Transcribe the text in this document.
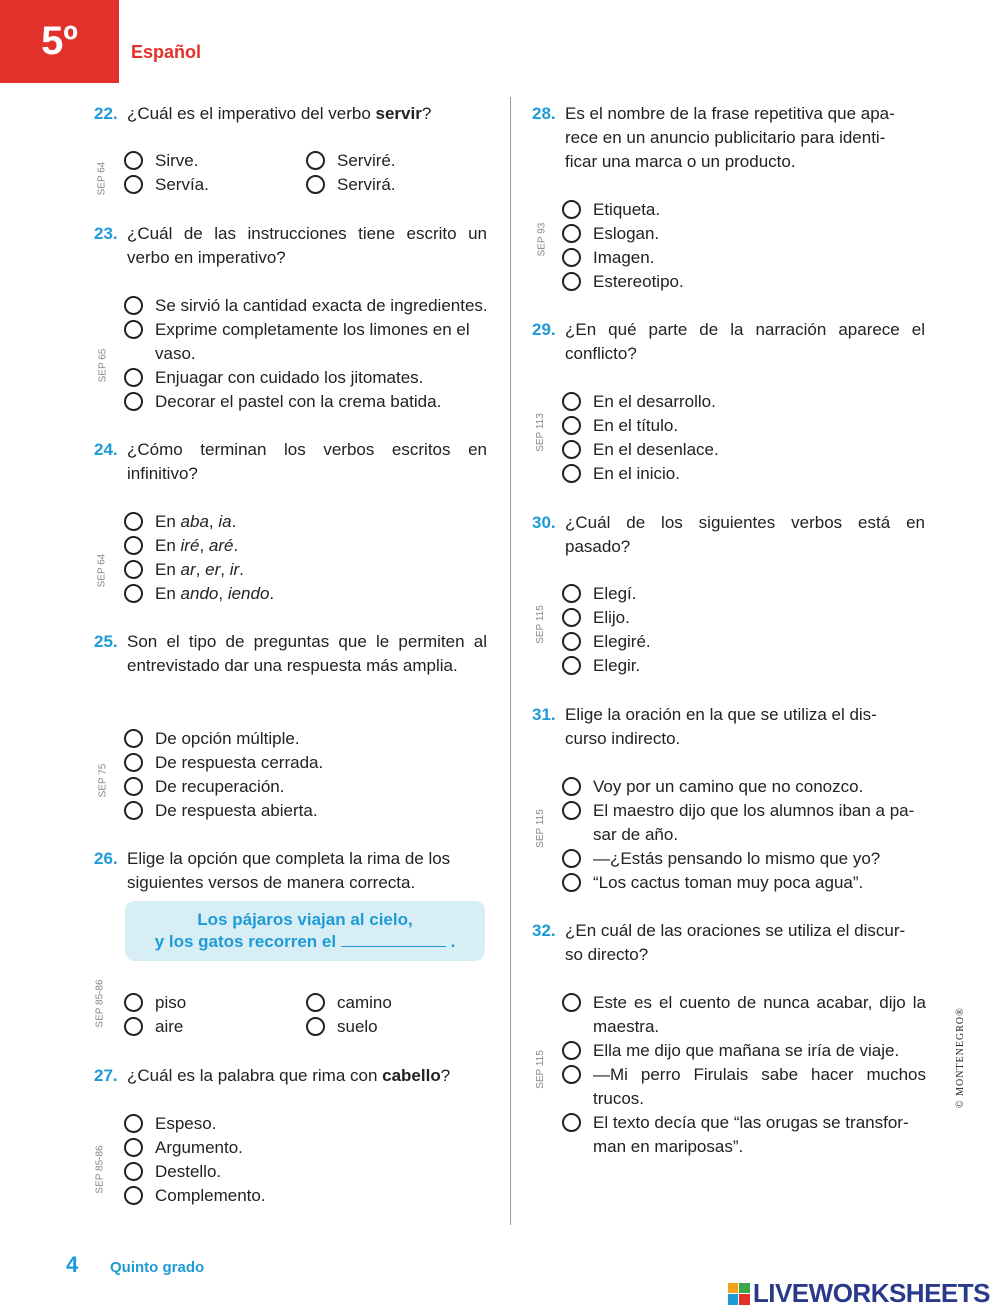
5º	Español
22. ¿Cuál es el imperativo del verbo servir?
SEP 64
Sirve.
Servía.
Serviré.
Servirá.
23. ¿Cuál de las instrucciones tiene escrito un verbo en imperativo?
SEP 65
Se sirvió la cantidad exacta de ingredientes.
Exprime completamente los limones en el vaso.
Enjuagar con cuidado los jitomates.
Decorar el pastel con la crema batida.
24. ¿Cómo terminan los verbos escritos en infinitivo?
SEP 64
En aba, ia.
En iré, aré.
En ar, er, ir.
En ando, iendo.
25. Son el tipo de preguntas que le permiten al entrevistado dar una respuesta más amplia.
SEP 75
De opción múltiple.
De respuesta cerrada.
De recuperación.
De respuesta abierta.
26. Elige la opción que completa la rima de los siguientes versos de manera correcta.
Los pájaros viajan al cielo,
y los gatos recorren el	.
SEP 85-86	piso
aire
camino
suelo
27. ¿Cuál es la palabra que rima con cabello?
SEP 85-86
Espeso.
Argumento.
Destello.
Complemento.
28. Es el nombre de la frase repetitiva que apa-
rece en un anuncio publicitario para identi-
ficar una marca o un producto.
SEP 93
Etiqueta.
Eslogan.
Imagen.
Estereotipo.
29. ¿En qué parte de la narración aparece el conflicto?
SEP 113
En el desarrollo.
En el título.
En el desenlace.
En el inicio.
30. ¿Cuál de los siguientes verbos está en pasado?
SEP 115
Elegí.
Elijo.
Elegiré.
Elegir.
31. Elige la oración en la que se utiliza el dis-
curso indirecto.
SEP 115
Voy por un camino que no conozco.
El maestro dijo que los alumnos iban a pa-
sar de año.
—¿Estás pensando lo mismo que yo?
“Los cactus toman muy poca agua”.
32. ¿En cuál de las oraciones se utiliza el discur-
so directo?
SEP 115
Este es el cuento de nunca acabar, dijo la maestra.
Ella me dijo que mañana se iría de viaje.
—Mi perro Firulais sabe hacer muchos trucos.
El texto decía que “las orugas se transfor-
man en mariposas”.
4 Quinto grado
© MONTENEGRO®
LIVEWORKSHEETS
